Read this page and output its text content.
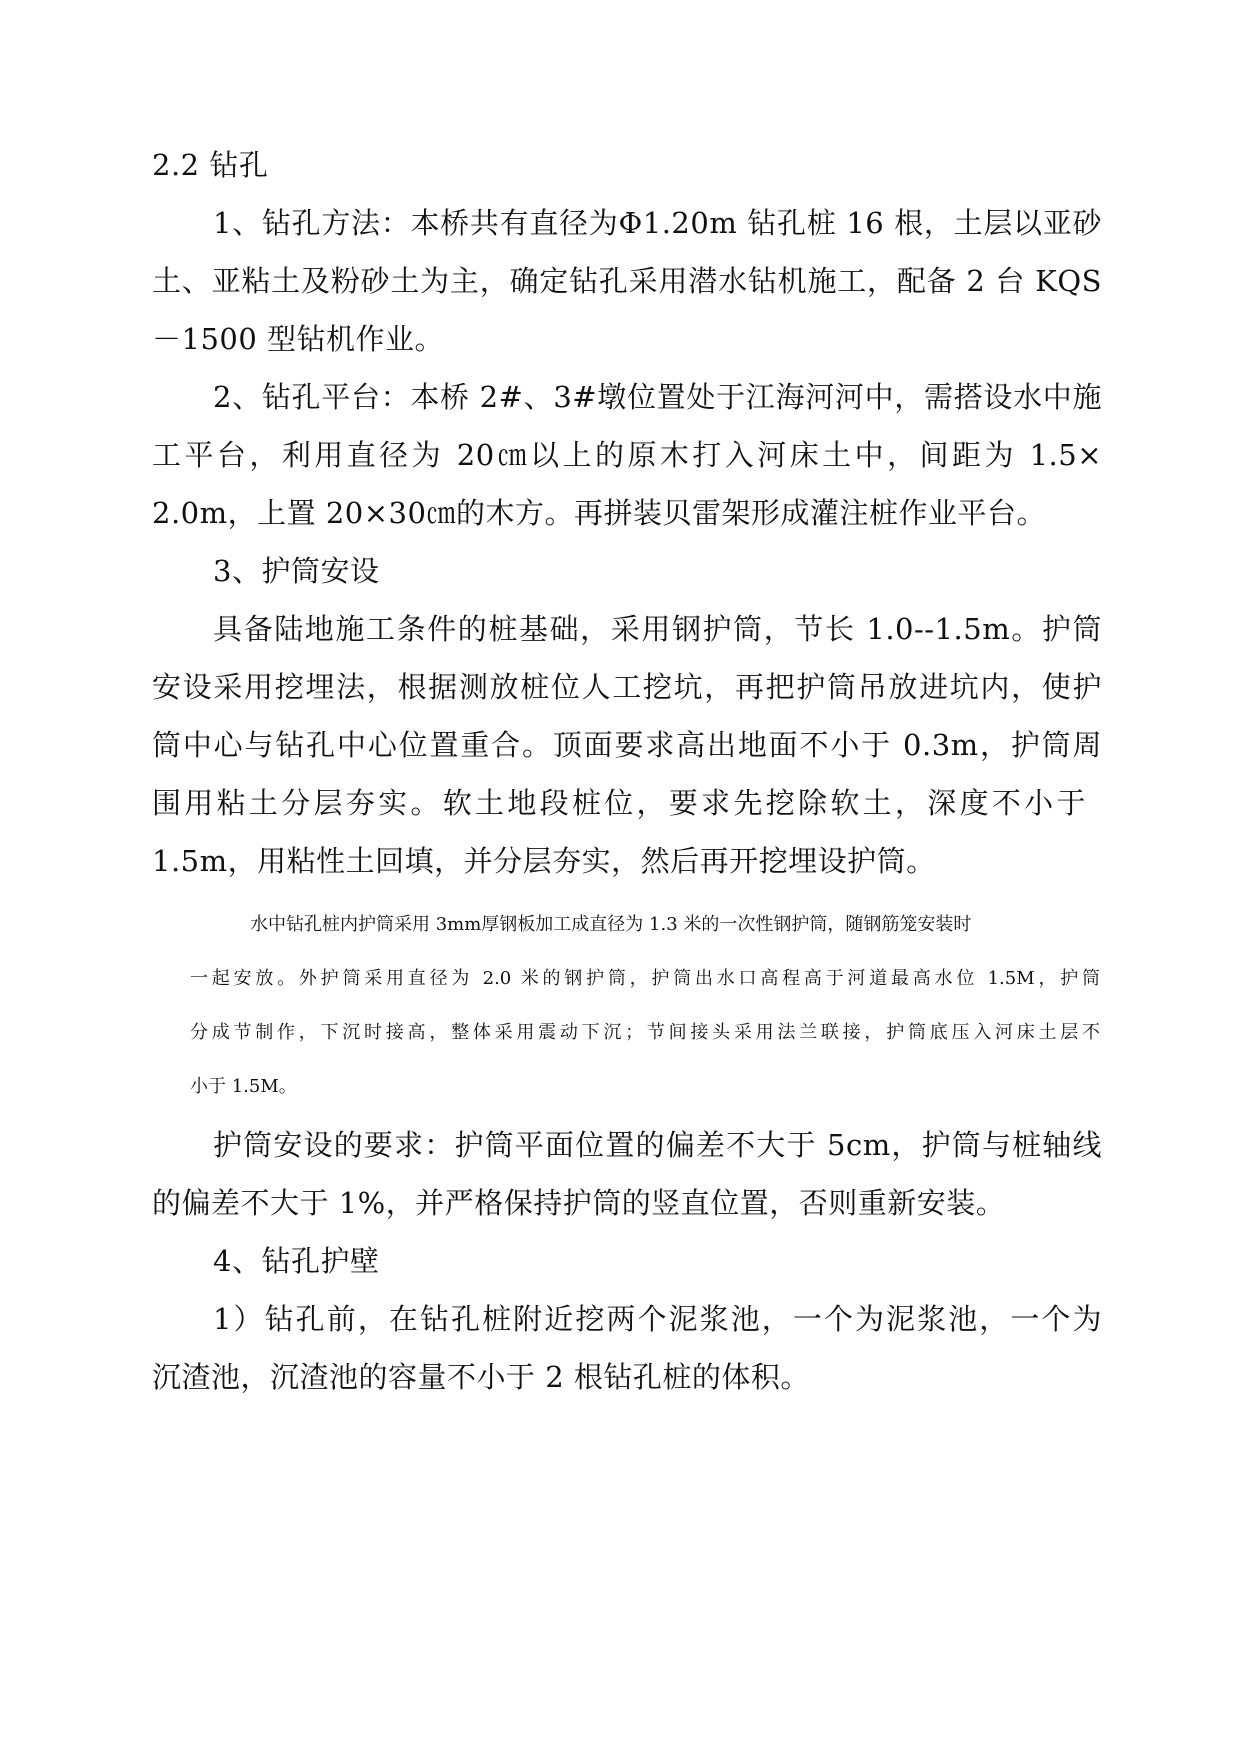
2.2 钻孔
1、钻孔方法：本桥共有直径为Φ1.20m 钻孔桩 16 根，土层以亚砂
土、亚粘土及粉砂土为主，确定钻孔采用潜水钻机施工，配备 2 台 KQS
－1500 型钻机作业。
2、钻孔平台：本桥 2#、3#墩位置处于江海河河中，需搭设水中施
工平台，利用直径为 20㎝以上的原木打入河床土中，间距为 1.5×
2.0m，上置 20×30㎝的木方。再拼装贝雷架形成灌注桩作业平台。
3、护筒安设
具备陆地施工条件的桩基础，采用钢护筒，节长 1.0--1.5m。护筒
安设采用挖埋法，根据测放桩位人工挖坑，再把护筒吊放进坑内，使护
筒中心与钻孔中心位置重合。顶面要求高出地面不小于 0.3m，护筒周
围用粘土分层夯实。软土地段桩位，要求先挖除软土，深度不小于
1.5m，用粘性土回填，并分层夯实，然后再开挖埋设护筒。
水中钻孔桩内护筒采用 3mm厚钢板加工成直径为 1.3 米的一次性钢护筒，随钢筋笼安装时
一起安放。外护筒采用直径为 2.0 米的钢护筒，护筒出水口高程高于河道最高水位 1.5M，护筒
分成节制作，下沉时接高，整体采用震动下沉；节间接头采用法兰联接，护筒底压入河床土层不
小于 1.5M。
护筒安设的要求：护筒平面位置的偏差不大于 5cm，护筒与桩轴线
的偏差不大于 1%，并严格保持护筒的竖直位置，否则重新安装。
4、钻孔护壁
1）钻孔前，在钻孔桩附近挖两个泥浆池，一个为泥浆池，一个为
沉渣池，沉渣池的容量不小于 2 根钻孔桩的体积。
